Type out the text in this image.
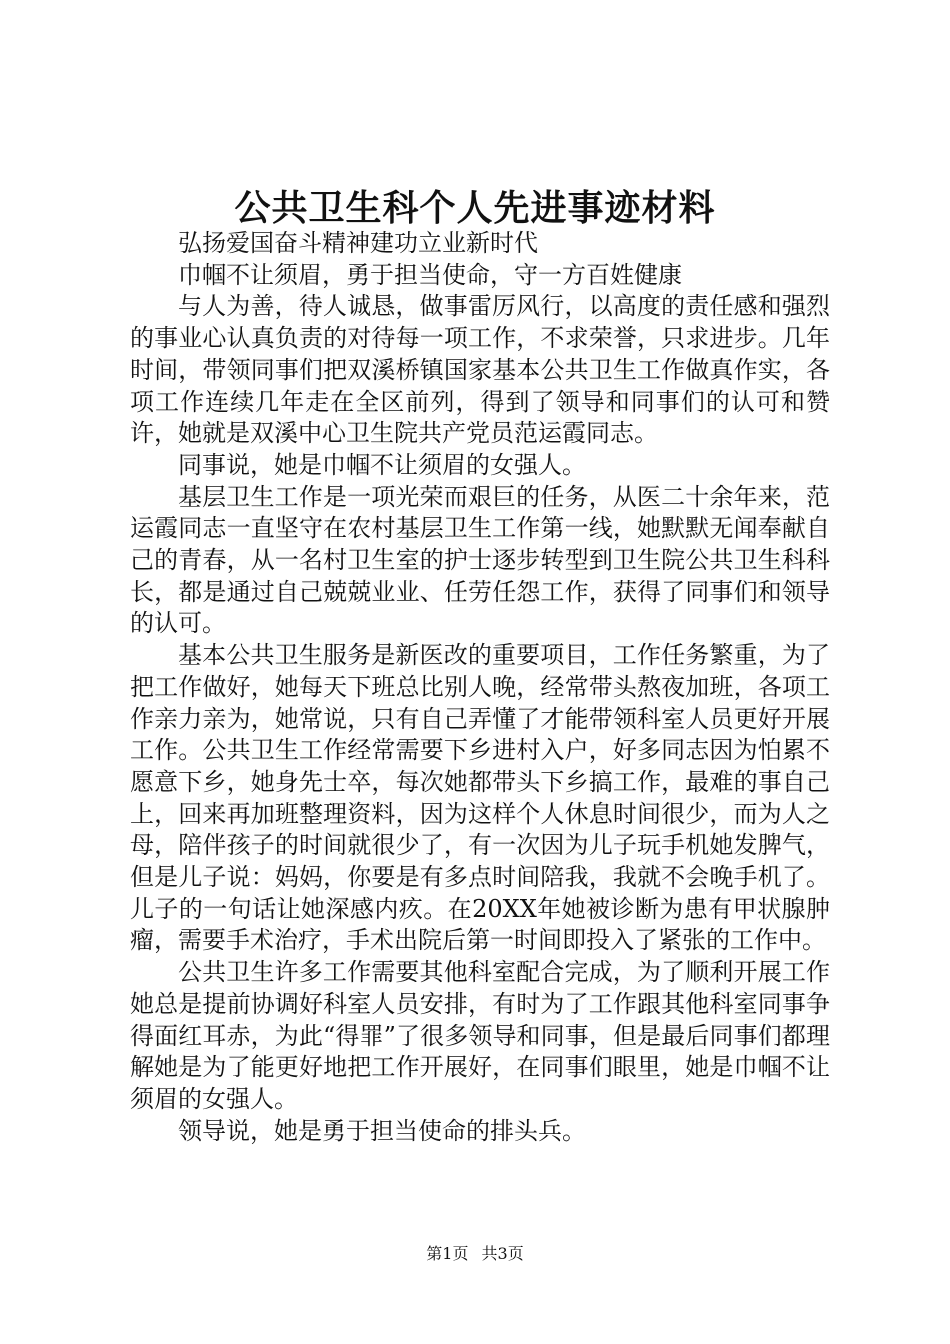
公共卫生科个人先进事迹材料

弘扬爱国奋斗精神建功立业新时代

巾帼不让须眉，勇于担当使命，守一方百姓健康

与人为善，待人诚恳，做事雷厉风行，以高度的责任感和强烈的事业心认真负责的对待每一项工作，不求荣誉，只求进步。几年时间，带领同事们把双溪桥镇国家基本公共卫生工作做真作实，各项工作连续几年走在全区前列，得到了领导和同事们的认可和赞许，她就是双溪中心卫生院共产党员范运霞同志。

同事说，她是巾帼不让须眉的女强人。

基层卫生工作是一项光荣而艰巨的任务，从医二十余年来，范运霞同志一直坚守在农村基层卫生工作第一线，她默默无闻奉献自己的青春，从一名村卫生室的护士逐步转型到卫生院公共卫生科科长，都是通过自己兢兢业业、任劳任怨工作，获得了同事们和领导的认可。

基本公共卫生服务是新医改的重要项目，工作任务繁重，为了把工作做好，她每天下班总比别人晚，经常带头熬夜加班，各项工作亲力亲为，她常说，只有自己弄懂了才能带领科室人员更好开展工作。公共卫生工作经常需要下乡进村入户，好多同志因为怕累不愿意下乡，她身先士卒，每次她都带头下乡搞工作，最难的事自己上，回来再加班整理资料，因为这样个人休息时间很少，而为人之母，陪伴孩子的时间就很少了，有一次因为儿子玩手机她发脾气，但是儿子说：妈妈，你要是有多点时间陪我，我就不会晚手机了。儿子的一句话让她深感内疚。在20XX年她被诊断为患有甲状腺肿瘤，需要手术治疗，手术出院后第一时间即投入了紧张的工作中。

公共卫生许多工作需要其他科室配合完成，为了顺利开展工作她总是提前协调好科室人员安排，有时为了工作跟其他科室同事争得面红耳赤，为此“得罪”了很多领导和同事，但是最后同事们都理解她是为了能更好地把工作开展好，在同事们眼里，她是巾帼不让须眉的女强人。

领导说，她是勇于担当使命的排头兵。

第1页 共3页
